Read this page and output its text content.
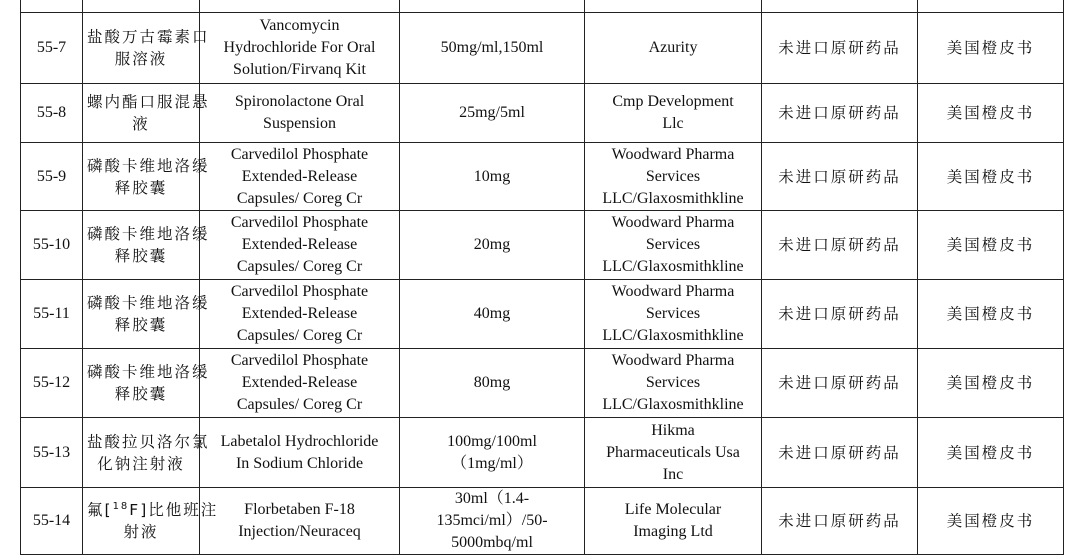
55-7	盐酸万古霉素口
服溶液	Vancomycin
Hydrochloride For Oral
Solution/Firvanq Kit	50mg/ml,150ml	Azurity	未进口原研药品	美国橙皮书
55-8	螺内酯口服混悬
液	Spironolactone Oral
Suspension	25mg/5ml	Cmp Development
Llc	未进口原研药品	美国橙皮书
55-9	磷酸卡维地洛缓
释胶囊	Carvedilol Phosphate
Extended-Release
Capsules/ Coreg Cr	10mg	Woodward Pharma
Services
LLC/Glaxosmithkline	未进口原研药品	美国橙皮书
55-10	磷酸卡维地洛缓
释胶囊	Carvedilol Phosphate
Extended-Release
Capsules/ Coreg Cr	20mg	Woodward Pharma
Services
LLC/Glaxosmithkline	未进口原研药品	美国橙皮书
55-11	磷酸卡维地洛缓
释胶囊	Carvedilol Phosphate
Extended-Release
Capsules/ Coreg Cr	40mg	Woodward Pharma
Services
LLC/Glaxosmithkline	未进口原研药品	美国橙皮书
55-12	磷酸卡维地洛缓
释胶囊	Carvedilol Phosphate
Extended-Release
Capsules/ Coreg Cr	80mg	Woodward Pharma
Services
LLC/Glaxosmithkline	未进口原研药品	美国橙皮书
55-13	盐酸拉贝洛尔氯
化钠注射液	Labetalol Hydrochloride
In Sodium Chloride	100mg/100ml
（1mg/ml）	Hikma
Pharmaceuticals Usa
Inc	未进口原研药品	美国橙皮书
55-14	氟[$^{18}$F]比他班注
射液	Florbetaben F-18
Injection/Neuraceq	30ml（1.4-
135mci/ml）/50-
5000mbq/ml	Life Molecular
Imaging Ltd	未进口原研药品	美国橙皮书
